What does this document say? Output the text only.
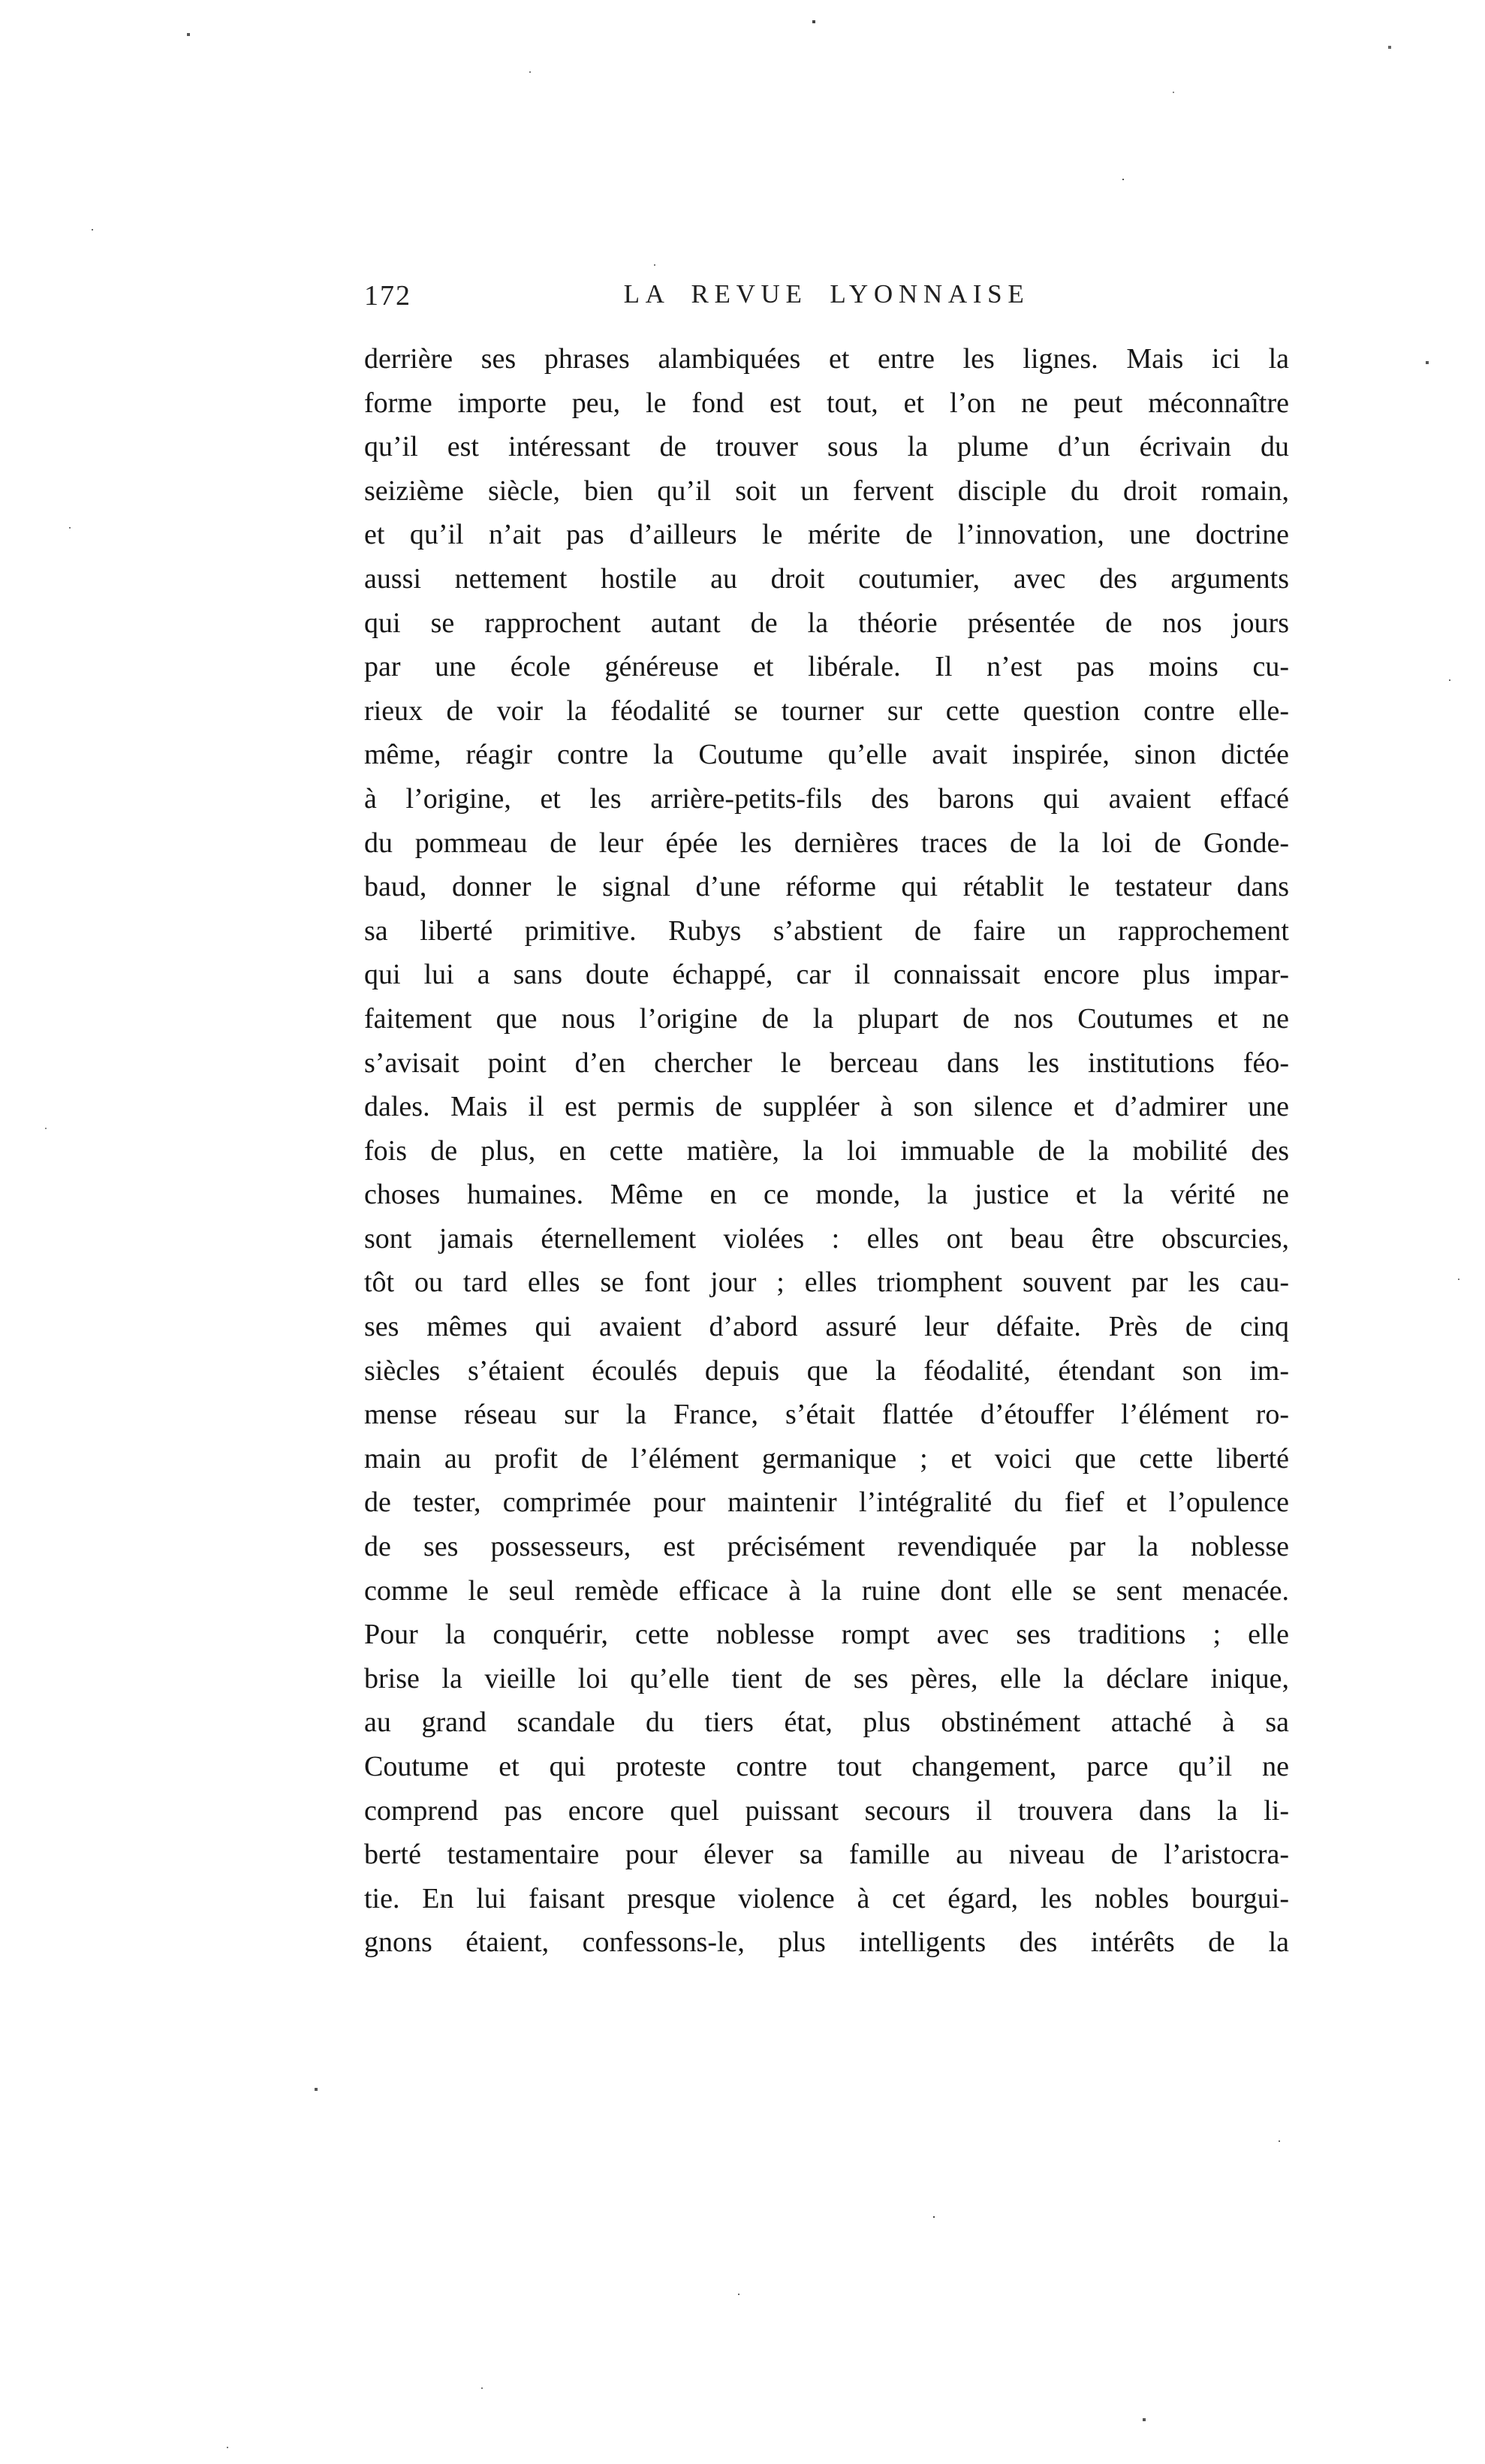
172	LA REVUE LYONNAISE
derrière ses phrases alambiquées et entre les lignes. Mais ici la
forme importe peu, le fond est tout, et l’on ne peut méconnaître
qu’il est intéressant de trouver sous la plume d’un écrivain du
seizième siècle, bien qu’il soit un fervent disciple du droit romain,
et qu’il n’ait pas d’ailleurs le mérite de l’innovation, une doctrine
aussi nettement hostile au droit coutumier, avec des arguments
qui se rapprochent autant de la théorie présentée de nos jours
par une école généreuse et libérale. Il n’est pas moins cu-
rieux de voir la féodalité se tourner sur cette question contre elle-
même, réagir contre la Coutume qu’elle avait inspirée, sinon dictée
à l’origine, et les arrière-petits-fils des barons qui avaient effacé
du pommeau de leur épée les dernières traces de la loi de Gonde-
baud, donner le signal d’une réforme qui rétablit le testateur dans
sa liberté primitive. Rubys s’abstient de faire un rapprochement
qui lui a sans doute échappé, car il connaissait encore plus impar-
faitement que nous l’origine de la plupart de nos Coutumes et ne
s’avisait point d’en chercher le berceau dans les institutions féo-
dales. Mais il est permis de suppléer à son silence et d’admirer une
fois de plus, en cette matière, la loi immuable de la mobilité des
choses humaines. Même en ce monde, la justice et la vérité ne
sont jamais éternellement violées : elles ont beau être obscurcies,
tôt ou tard elles se font jour ; elles triomphent souvent par les cau-
ses mêmes qui avaient d’abord assuré leur défaite. Près de cinq
siècles s’étaient écoulés depuis que la féodalité, étendant son im-
mense réseau sur la France, s’était flattée d’étouffer l’élément ro-
main au profit de l’élément germanique ; et voici que cette liberté
de tester, comprimée pour maintenir l’intégralité du fief et l’opulence
de ses possesseurs, est précisément revendiquée par la noblesse
comme le seul remède efficace à la ruine dont elle se sent menacée.
Pour la conquérir, cette noblesse rompt avec ses traditions ; elle
brise la vieille loi qu’elle tient de ses pères, elle la déclare inique,
au grand scandale du tiers état, plus obstinément attaché à sa
Coutume et qui proteste contre tout changement, parce qu’il ne
comprend pas encore quel puissant secours il trouvera dans la li-
berté testamentaire pour élever sa famille au niveau de l’aristocra-
tie. En lui faisant presque violence à cet égard, les nobles bourgui-
gnons étaient, confessons-le, plus intelligents des intérêts de la
